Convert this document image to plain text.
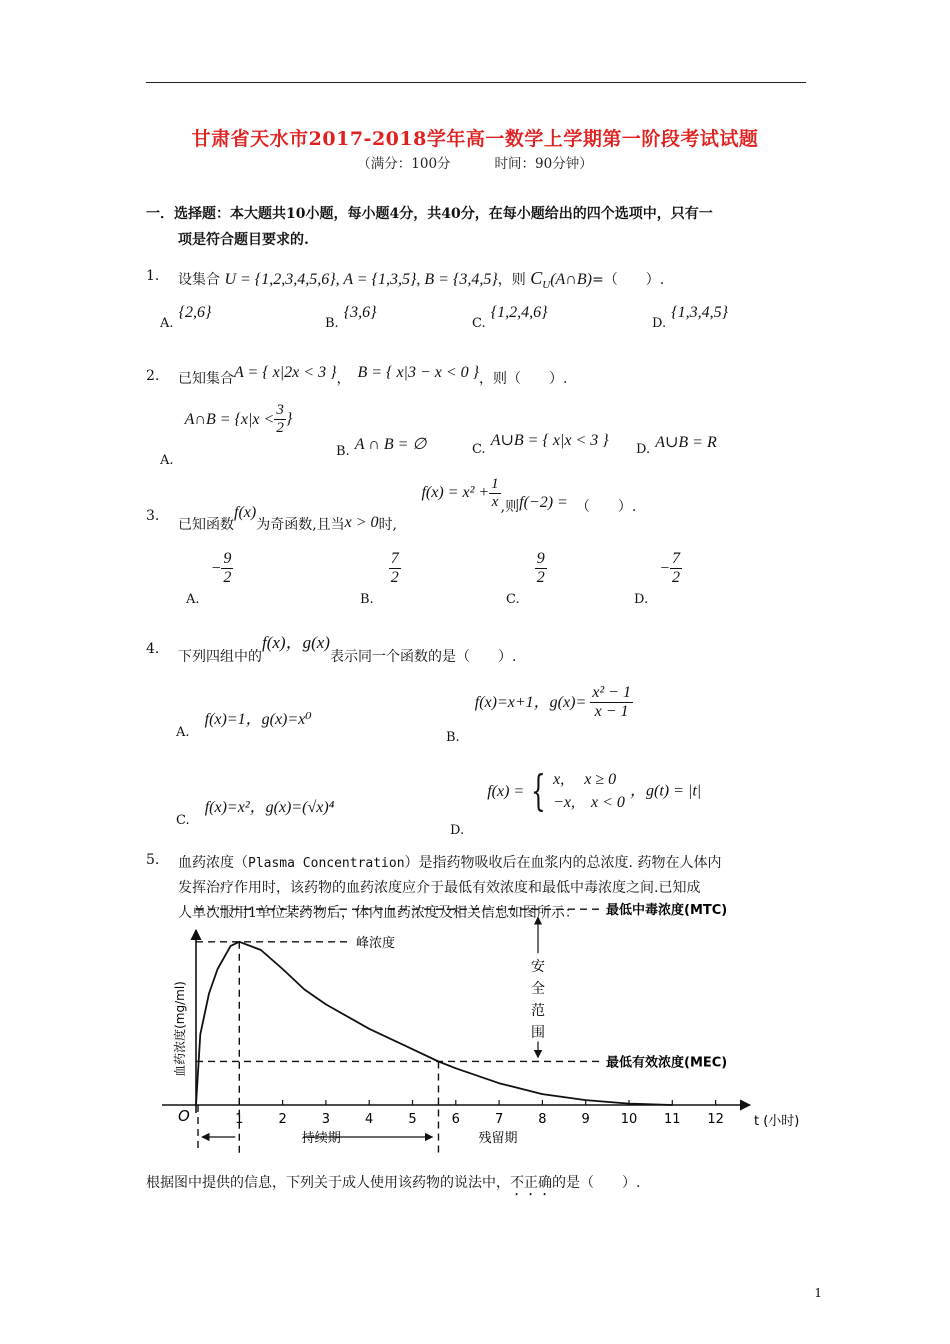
甘肃省天水市2017-2018学年高一数学上学期第一阶段考试试题
（满分：100分	时间：90分钟）
一．选择题：本大题共10小题，每小题4分，共40分，在每小题给出的四个选项中，只有一
项是符合题目要求的.
1. 设集合 U = {1,2,3,4,5,6}, A = {1,3,5}, B = {3,4,5}，则 $C_U(A\cap B)=$（　　）.
$_{A.}$ {2,6}
$_{B.}$ {3,6}
$_{C.}$ {1,2,4,6}
$_{D.}$ {1,3,4,5}
2. 已知集合A = { x|2x < 3 }，　 B = { x|3 − x < 0 }，则（　　）.
$_{A.}$ A∩B = {$x|x < \frac{3}{2}$ }
$_{B.}$ A ∩ B = ∅	$_{C.}$ A∪B = { x|x < 3 }
$_{D.}$ A∪B = R
3.
已知函数f(x)为奇函数,且当x > 0时, $f(x) = x^2 + \frac{1}{x}$ ,则f(−2) = （　　）.
$_{A.} - \frac{9}{2}$
$_{B.}$
$\frac{7}{2}$
$_{C.}$
$\frac{9}{2}$
$_{D.} - \frac{7}{2}$
4. 下列四组中的f(x)，g(x)表示同一个函数的是（　　）.
$_{A.}$ f(x)=1，g(x)=x⁰
$_{B.}$ f(x)=x+1，$g(x)= \frac{\text{x² − 1}}{x - 1}$
$_{C.}$ f(x)=x²，g(x)=(√x)⁴
$_{D.}$ f(x) = { x,　 x ≥ 0
−x,　x < 0
，g(t) = |t|
5. 血药浓度（Plasma Concentration）是指药物吸收后在血浆内的总浓度. 药物在人体内
发挥治疗作用时，该药物的血药浓度应介于最低有效浓度和最低中毒浓度之间.已知成
人单次服用1单位某药物后，体内血药浓度及相关信息如图所示：
O	1	2	3	4	5	6	7	8	9 10 11 12 t (小时)
血药浓度(mg/ml)
最低中毒浓度(MTC)
峰浓度
最低有效浓度(MEC)
安
全
范
围
持续期	残留期
根据图中提供的信息，下列关于成人使用该药物的说法中，不正确的是（　　）.
1
